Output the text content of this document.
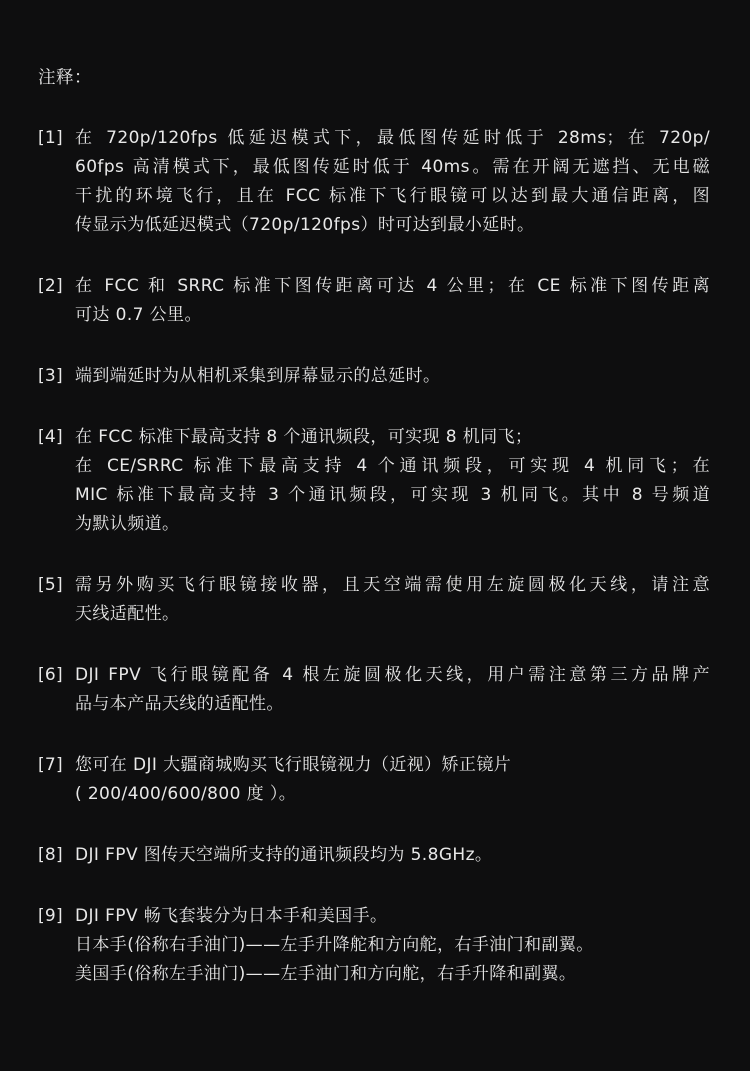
注释：
[1] 在 720p/120fps 低延迟模式下，最低图传延时低于 28ms；在 720p/
60fps 高清模式下，最低图传延时低于 40ms。需在开阔无遮挡、无电磁
干扰的环境飞行，且在 FCC 标准下飞行眼镜可以达到最大通信距离，图
传显示为低延迟模式（720p/120fps）时可达到最小延时。
[2] 在 FCC 和 SRRC 标准下图传距离可达 4 公里；在 CE 标准下图传距离
可达 0.7 公里。
[3] 端到端延时为从相机采集到屏幕显示的总延时。
[4] 在 FCC 标准下最高支持 8 个通讯频段，可实现 8 机同飞；
在 CE/SRRC 标准下最高支持 4 个通讯频段，可实现 4 机同飞；在
MIC 标准下最高支持 3 个通讯频段，可实现 3 机同飞。其中 8 号频道
为默认频道。
[5] 需另外购买飞行眼镜接收器，且天空端需使用左旋圆极化天线，请注意
天线适配性。
[6] DJI FPV 飞行眼镜配备 4 根左旋圆极化天线，用户需注意第三方品牌产
品与本产品天线的适配性。
[7] 您可在 DJI 大疆商城购买飞行眼镜视力（近视）矫正镜片
( 200/400/600/800 度 ）。
[8] DJI FPV 图传天空端所支持的通讯频段均为 5.8GHz。
[9] DJI FPV 畅飞套装分为日本手和美国手。
日本手(俗称右手油门)——左手升降舵和方向舵，右手油门和副翼。
美国手(俗称左手油门)——左手油门和方向舵，右手升降和副翼。
